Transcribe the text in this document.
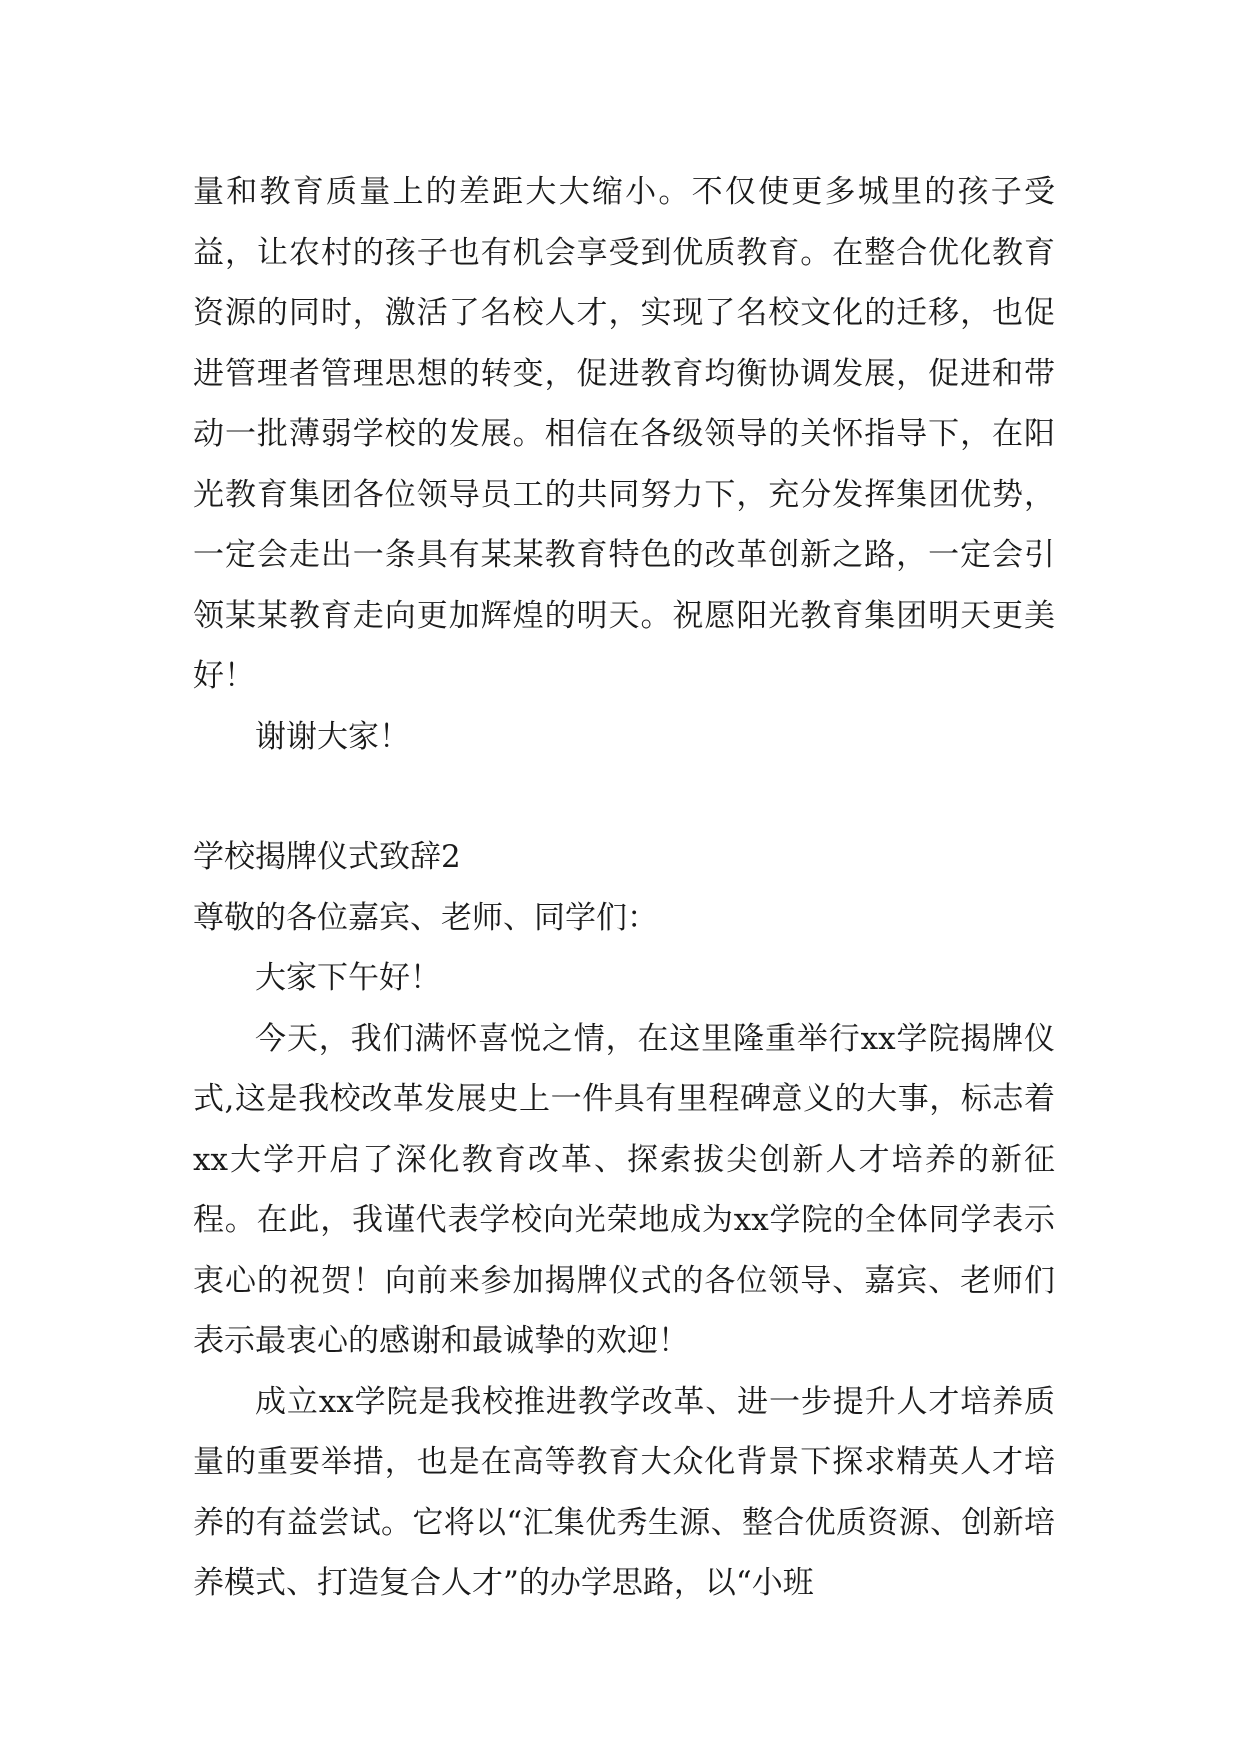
量和教育质量上的差距大大缩小。不仅使更多城里的孩子受益，让农村的孩子也有机会享受到优质教育。在整合优化教育资源的同时，激活了名校人才，实现了名校文化的迁移，也促进管理者管理思想的转变，促进教育均衡协调发展，促进和带动一批薄弱学校的发展。相信在各级领导的关怀指导下，在阳光教育集团各位领导员工的共同努力下，充分发挥集团优势，一定会走出一条具有某某教育特色的改革创新之路，一定会引领某某教育走向更加辉煌的明天。祝愿阳光教育集团明天更美好！

谢谢大家！

学校揭牌仪式致辞2

尊敬的各位嘉宾、老师、同学们：

大家下午好！

今天，我们满怀喜悦之情，在这里隆重举行xx学院揭牌仪式,这是我校改革发展史上一件具有里程碑意义的大事，标志着xx大学开启了深化教育改革、探索拔尖创新人才培养的新征程。在此，我谨代表学校向光荣地成为xx学院的全体同学表示衷心的祝贺！向前来参加揭牌仪式的各位领导、嘉宾、老师们表示最衷心的感谢和最诚挚的欢迎！

成立xx学院是我校推进教学改革、进一步提升人才培养质量的重要举措，也是在高等教育大众化背景下探求精英人才培养的有益尝试。它将以“汇集优秀生源、整合优质资源、创新培养模式、打造复合人才”的办学思路，以“小班
